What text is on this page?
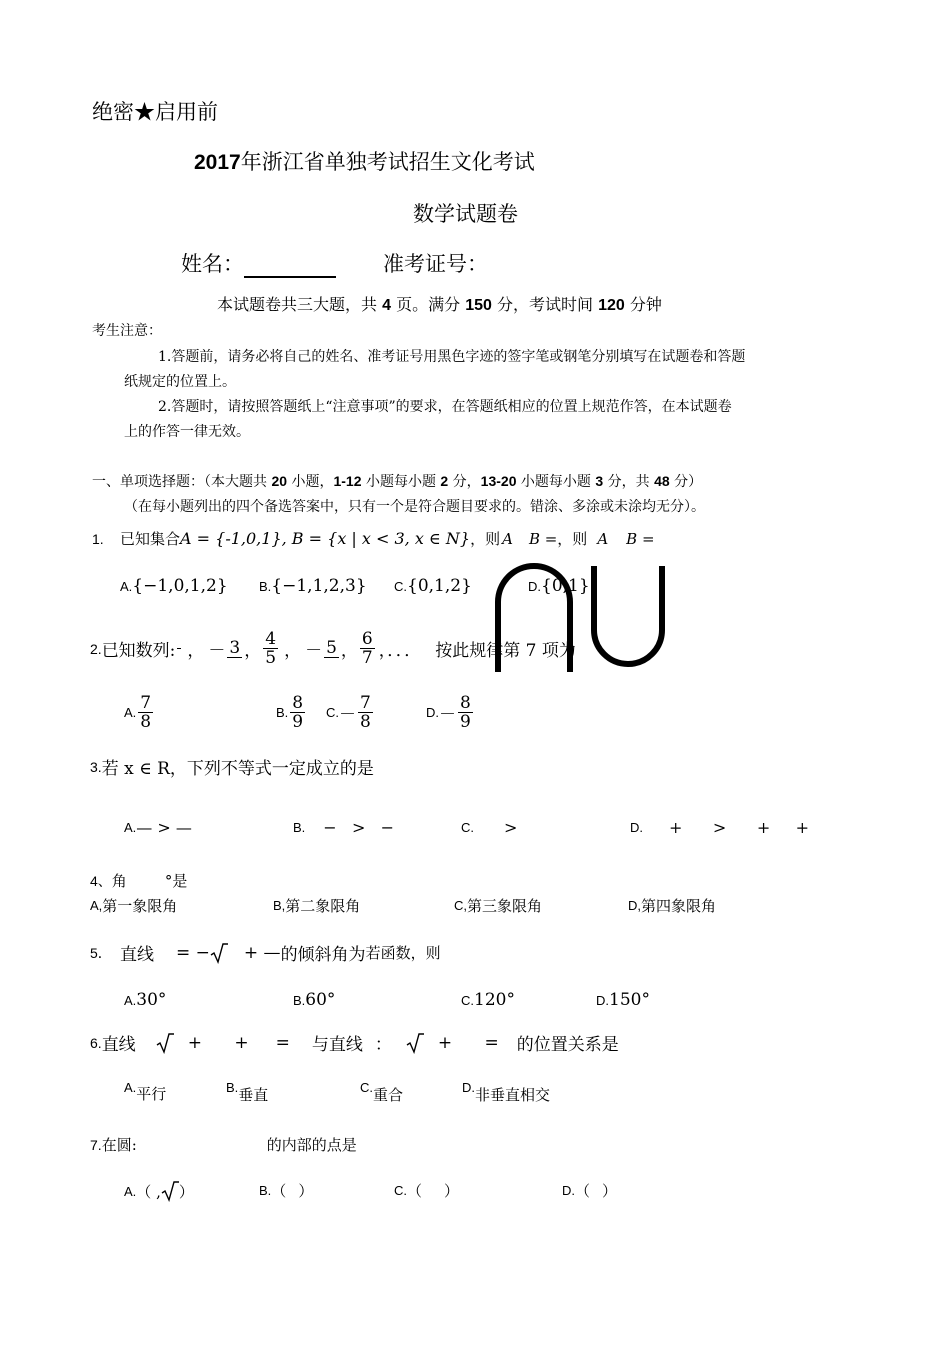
绝密★启用前
2017年浙江省单独考试招生文化考试
数学试题卷
姓名：	准考证号：
本试题卷共三大题，共 4 页。满分 150 分，考试时间 120 分钟
考生注意：
1.答题前，请务必将自己的姓名、准考证号用黑色字迹的签字笔或钢笔分别填写在试题卷和答题
纸规定的位置上。
2.答题时，请按照答题纸上“注意事项”的要求，在答题纸相应的位置上规范作答，在本试题卷
上的作答一律无效。
一、单项选择题：（本大题共 20 小题，1-12 小题每小题 2 分，13-20 小题每小题 3 分，共 48 分）
（在每小题列出的四个备选答案中，只有一个是符合题目要求的。错涂、多涂或未涂均无分）。
1.	已知集合 A = {-1,0,1}, B = {x | x < 3, x ∈ N} ，则 A B = ，则 A B =
A. {−1,0,1,2} B. {−1,1,2,3} C. {0,1,2}	D. {0,1}
2. 已知数列: ， － 3 ， $\frac{4}{5}$ ， － 5 ， $\frac{6}{7}$ ，．．． 按此规律第 7 项为
A. $\frac{7}{8}$	B. $\frac{8}{9} C$. － $\frac{7}{8}$	D. － $\frac{8}{9}$
3. 若 x ∈ R，下列不等式一定成立的是
A. — > —	B. −   >   −	C. >	D. +      >      +     +
4、 角	°是
A, 第一象限角	B, 第二象限角	C, 第三象限角	D, 第四象限角
5． 直线 = − + — 的倾斜角为 若函数，则
A. 30°	B. 60°	C. 120°	D. 150°
6. 直线	+      +     = 与直线 ：	+      = 的位置关系是
A. 平行	B. 垂直	C. 重合	D. 非垂直相交
7. 在圆:	的内部的点是
A. （ , ）	B. （ ）	C. （ ）	D. （ ）
